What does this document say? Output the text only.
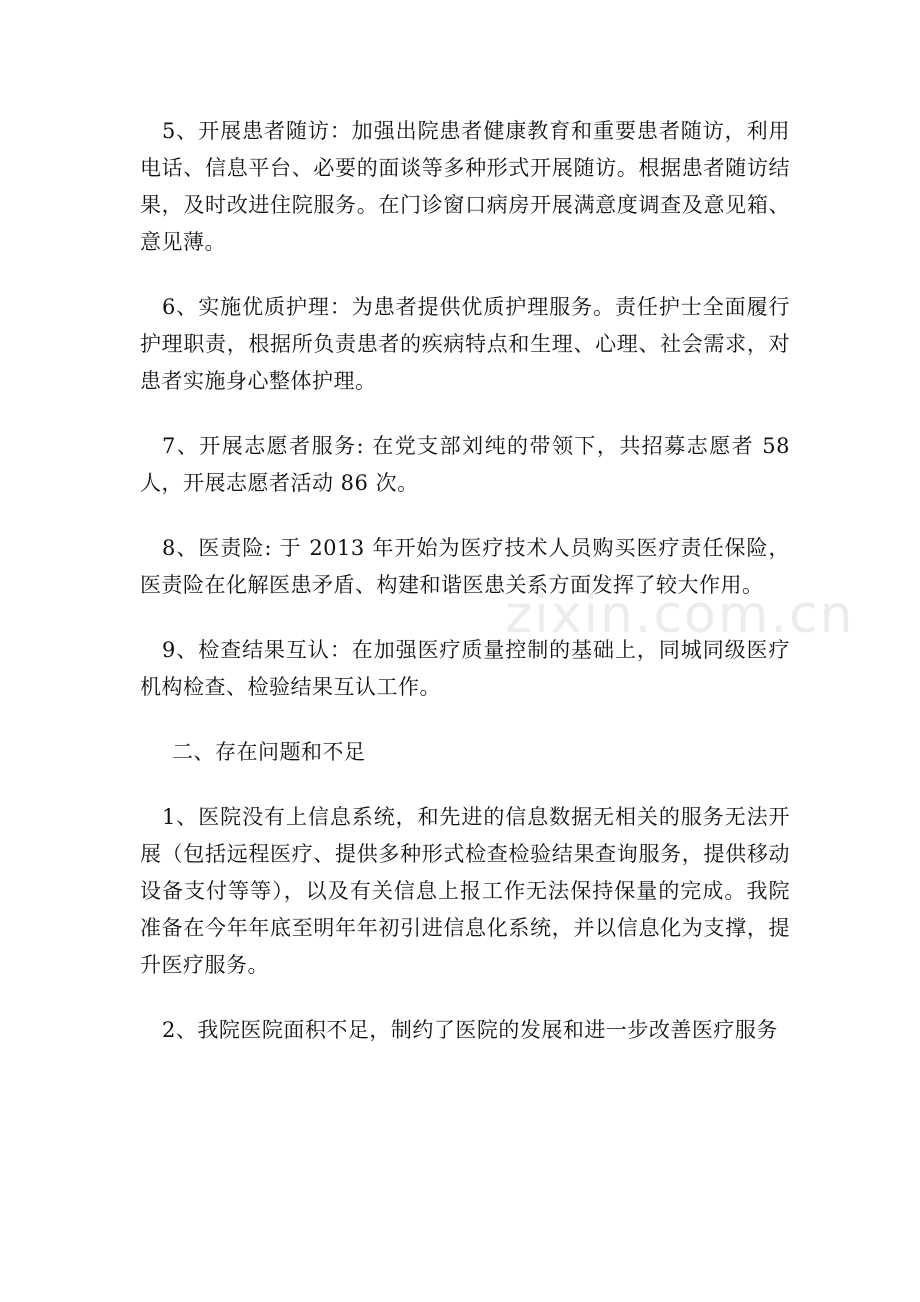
5、开展患者随访：加强出院患者健康教育和重要患者随访，利用电话、信息平台、必要的面谈等多种形式开展随访。根据患者随访结果，及时改进住院服务。在门诊窗口病房开展满意度调查及意见箱、意见薄。

6、实施优质护理：为患者提供优质护理服务。责任护士全面履行护理职责，根据所负责患者的疾病特点和生理、心理、社会需求，对患者实施身心整体护理。

7、开展志愿者服务: 在党支部刘纯的带领下，共招募志愿者 58 人，开展志愿者活动 86 次。

8、医责险: 于 2013 年开始为医疗技术人员购买医疗责任保险，医责险在化解医患矛盾、构建和谐医患关系方面发挥了较大作用。

9、检查结果互认：在加强医疗质量控制的基础上，同城同级医疗机构检查、检验结果互认工作。

二、存在问题和不足

1、医院没有上信息系统，和先进的信息数据无相关的服务无法开展（包括远程医疗、提供多种形式检查检验结果查询服务，提供移动设备支付等等），以及有关信息上报工作无法保持保量的完成。我院准备在今年年底至明年年初引进信息化系统，并以信息化为支撑，提升医疗服务。

2、我院医院面积不足，制约了医院的发展和进一步改善医疗服务

zixin.com.cn
